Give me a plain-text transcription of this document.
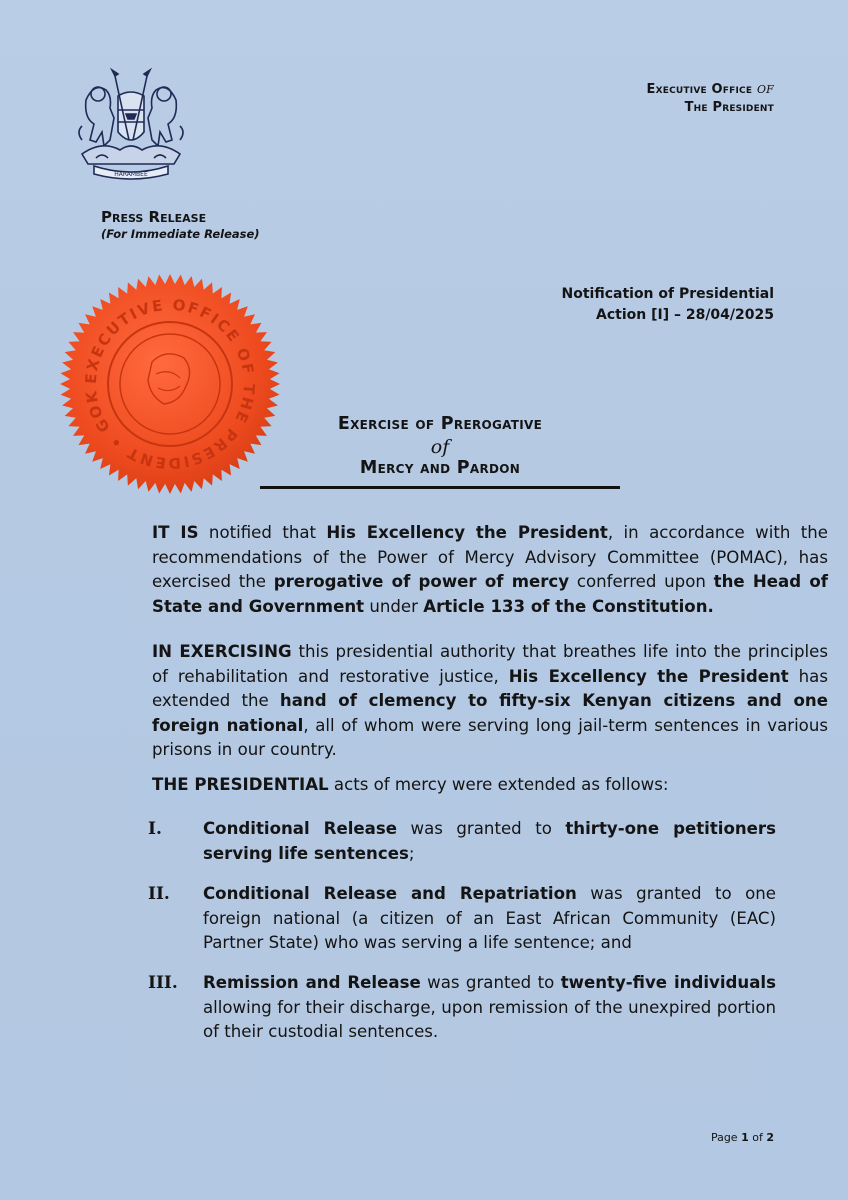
HARAMBEE
Executive Office of
The President
Press Release
(For Immediate Release)
Notification of Presidential
Action [I] – 28/04/2025
EXECUTIVE OFFICE OF THE PRESIDENT • GOK
Exercise of Prerogative
of
Mercy and Pardon
IT IS notified that His Excellency the President, in accordance with the recommendations of the Power of Mercy Advisory Committee (POMAC), has exercised the prerogative of power of mercy conferred upon the Head of State and Government under Article 133 of the Constitution.
IN EXERCISING this presidential authority that breathes life into the principles of rehabilitation and restorative justice, His Excellency the President has extended the hand of clemency to fifty-six Kenyan citizens and one foreign national, all of whom were serving long jail-term sentences in various prisons in our country.
THE PRESIDENTIAL acts of mercy were extended as follows:
I. Conditional Release was granted to thirty-one petitioners serving life sentences;
II. Conditional Release and Repatriation was granted to one foreign national (a citizen of an East African Community (EAC) Partner State) who was serving a life sentence; and
III. Remission and Release was granted to twenty-five individuals allowing for their discharge, upon remission of the unexpired portion of their custodial sentences.
Page 1 of 2
